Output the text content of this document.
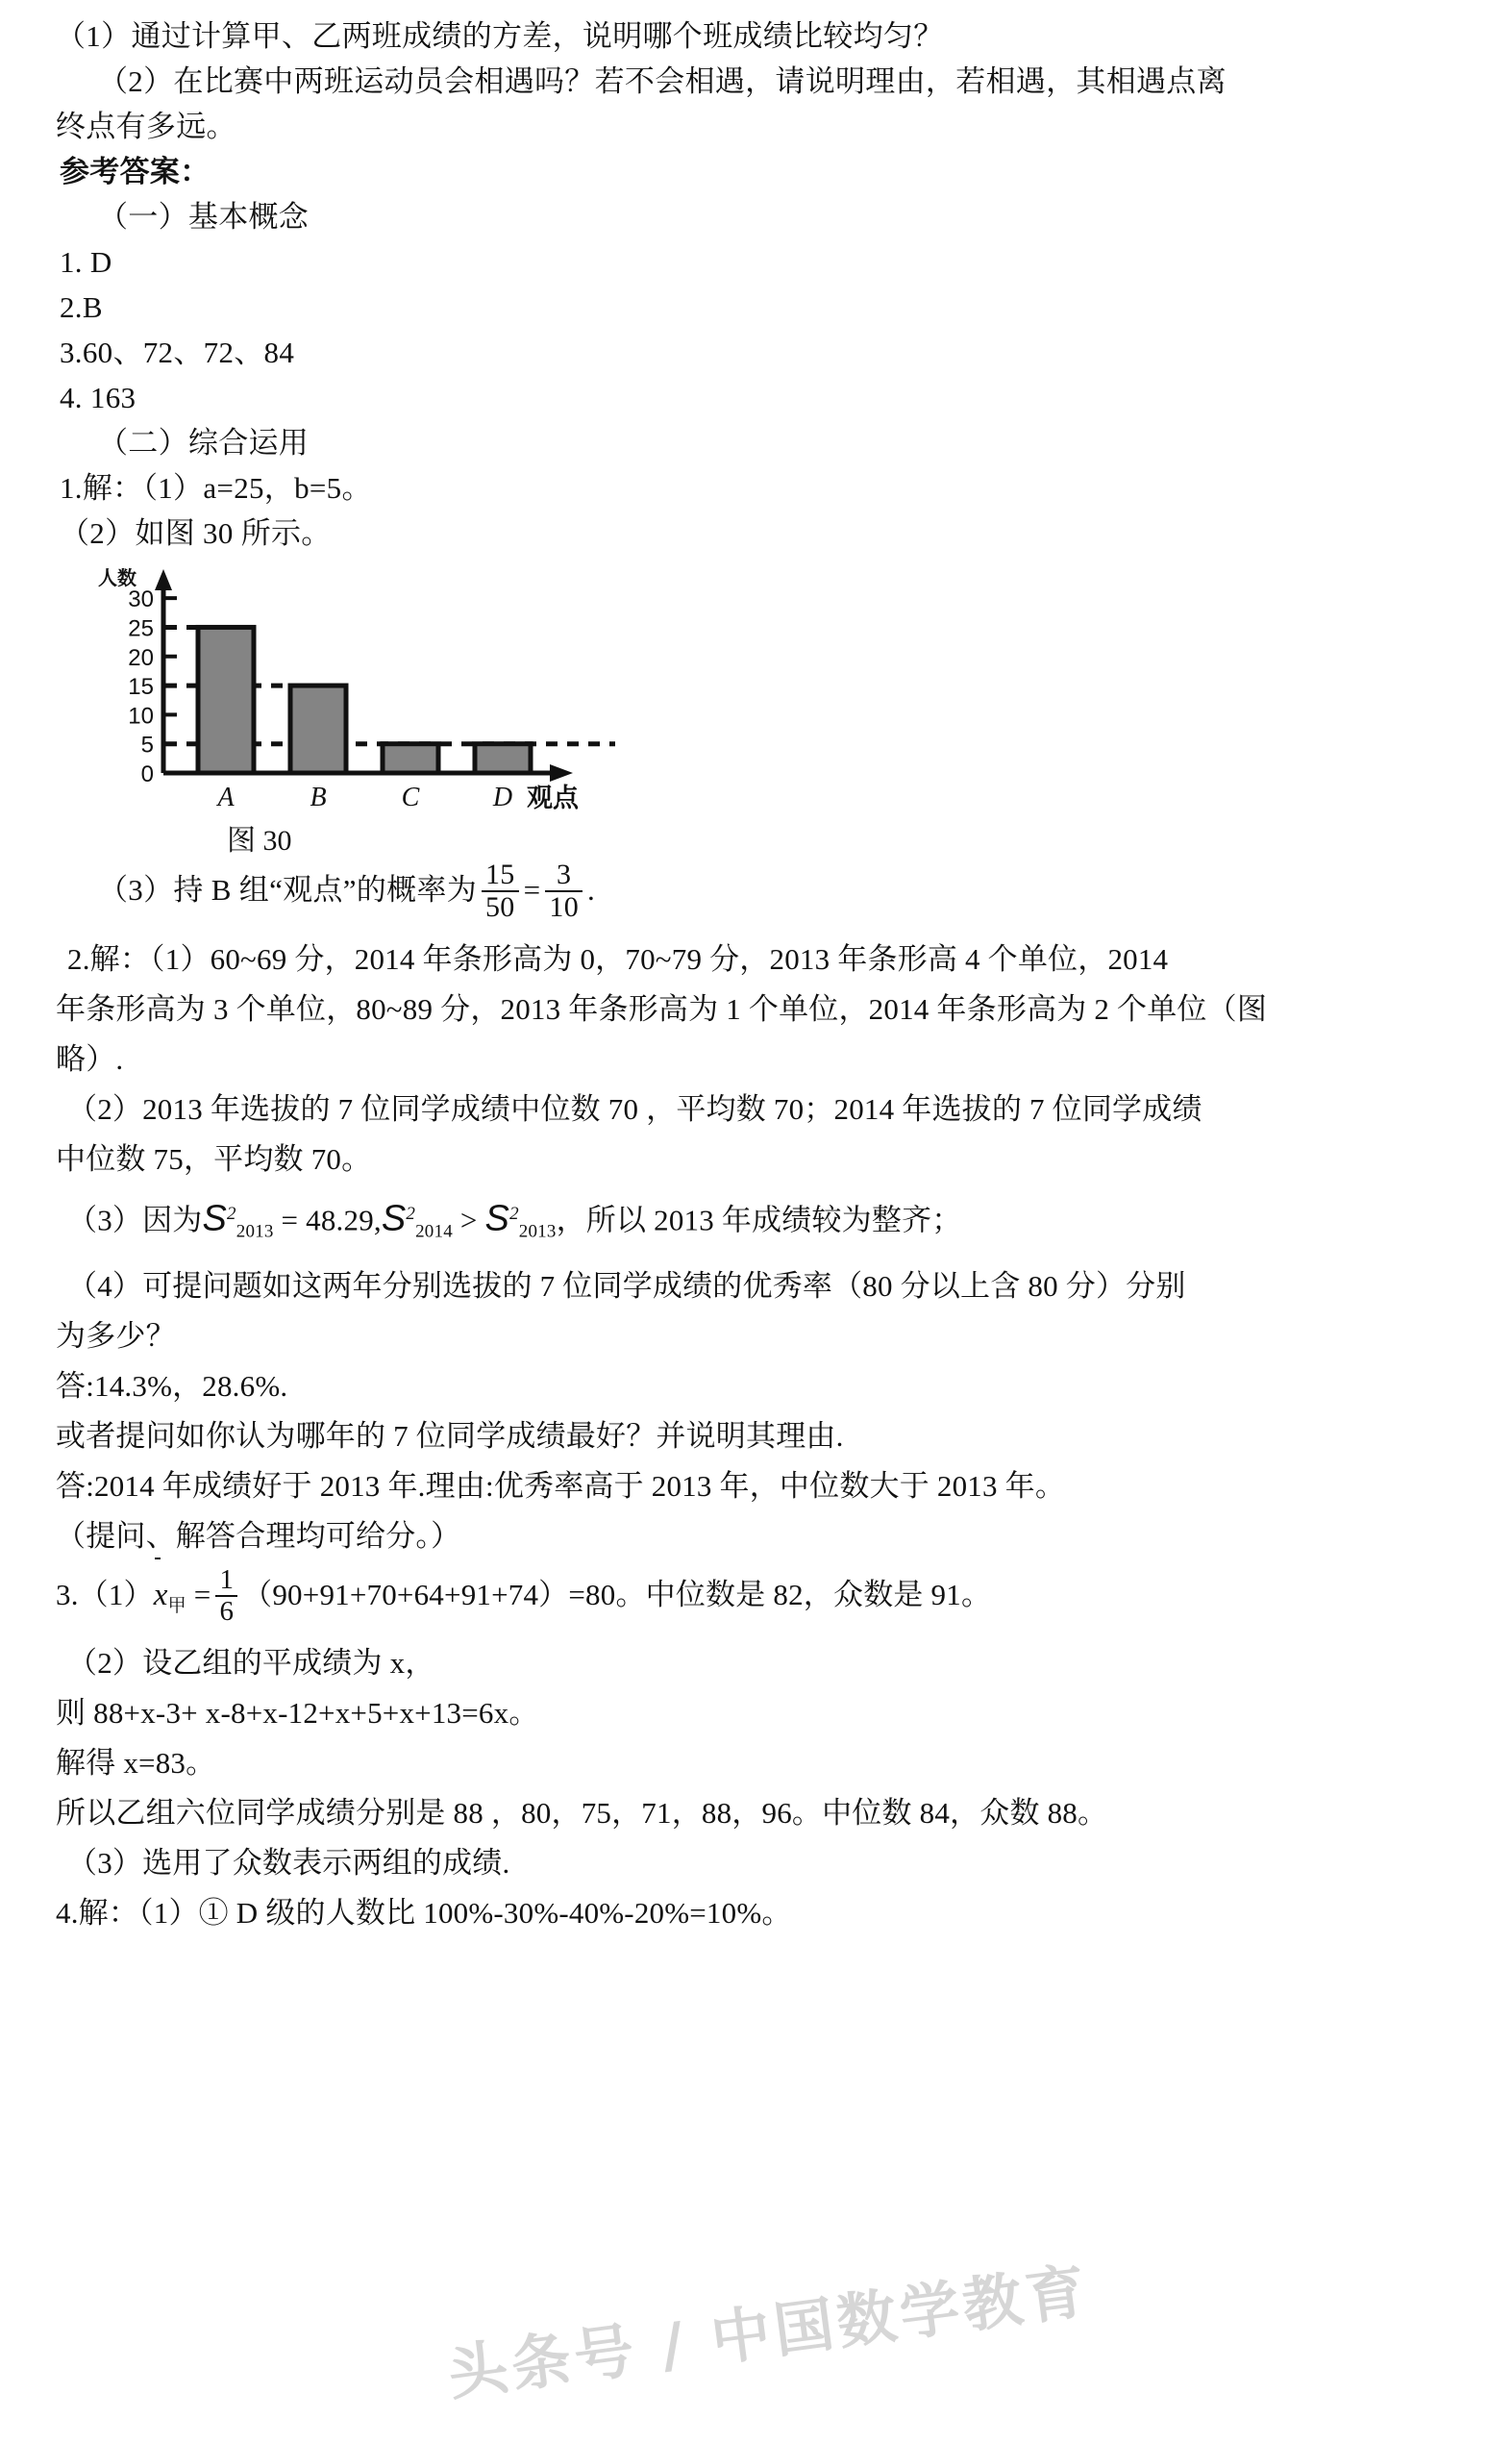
（1）通过计算甲、乙两班成绩的方差，说明哪个班成绩比较均匀？
（2）在比赛中两班运动员会相遇吗？若不会相遇，请说明理由，若相遇，其相遇点离
终点有多远。
参考答案：
（一）基本概念
1. D
2.B
3.60、72、72、84
4. 163
（二）综合运用
1.解：（1）a=25，b=5。
（2）如图 30 所示。
人数
0
5
10
15
20
25
30
A	B	C	D 观点
图 30
（3）持 B 组“观点”的概率为 $\frac{15}{50} = \frac{3}{10}$ .
2.解：（1）60~69 分，2014 年条形高为 0，70~79 分，2013 年条形高 4 个单位，2014
年条形高为 3 个单位，80~89 分，2013 年条形高为 1 个单位，2014 年条形高为 2 个单位（图
略）.
（2）2013 年选拔的 7 位同学成绩中位数 70 ，平均数 70；2014 年选拔的 7 位同学成绩
中位数 75，平均数 70。
（3）因为$S^2_{2013} = 48.29,S^2_{2014} > S^2_{2013}$，所以 2013 年成绩较为整齐；
（4）可提问题如这两年分别选拔的 7 位同学成绩的优秀率（80 分以上含 80 分）分别
为多少？
答:14.3%，28.6%.
或者提问如你认为哪年的 7 位同学成绩最好？并说明其理由.
答:2014 年成绩好于 2013 年.理由:优秀率高于 2013 年，中位数大于 2013 年。
（提问、解答合理均可给分。）
$3.(1)x_甲 = \frac{1}{6} (90+91+70+64+91+74)=80$。中位数是 82，众数是 91。
（2）设乙组的平成绩为 x，
则 88+x-3+ x-8+x-12+x+5+x+13=6x。
解得 x=83。
所以乙组六位同学成绩分别是 88 ，80，75，71，88，96。中位数 84，众数 88。
（3）选用了众数表示两组的成绩.
4.解：（1）① D 级的人数比 100%-30%-40%-20%=10%。
头条号 / 中国数学教育
